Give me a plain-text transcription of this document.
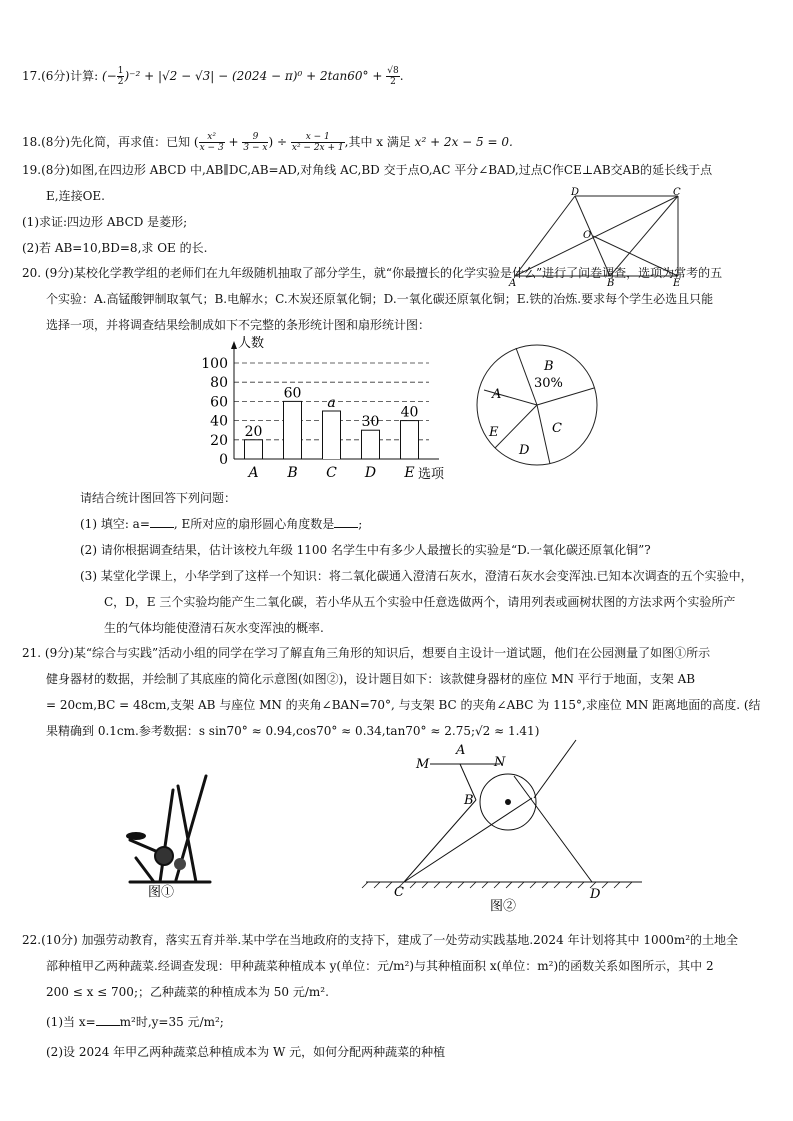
17.(6分)计算: (− $\frac{1}{2} )^{-2} + |√2 - √3| - (2024 - \pi)^0 + 2\tan 60^\circ + \frac{√8}{2}$ .
18.(8分)先化简，再求值：已知 ( $\frac{\text{x²}}{x - 3} + \frac{9}{3 - x}$ ) ÷ $\frac{x - 1}{\text{x² − 2x + 1}}$ ,其中 x 满足 x² + 2x − 5 = 0.
19.(8分)如图,在四边形 ABCD 中,AB∥DC,AB=AD,对角线 AC,BD 交于点O,AC 平分∠BAD,过点C作CE⊥AB交AB的延长线于点
E,连接OE.
(1)求证:四边形 ABCD 是菱形;
(2)若 AB=10,BD=8,求 OE 的长.
D	C
O
A	B	E
20. (9分)某校化学教学组的老师们在九年级随机抽取了部分学生，就“你最擅长的化学实验是什么”进行了问卷调查，选项为常考的五
个实验：A.高锰酸钾制取氧气；B.电解水；C.木炭还原氧化铜；D.一氧化碳还原氧化铜；E.铁的冶炼.要求每个学生必选且只能
选择一项，并将调查结果绘制成如下不完整的条形统计图和扇形统计图：
人数
选项
0
20
40
60
80
100
20
A
60
B
a
C
30
D
40
E
B
30%
A
C
E
D
请结合统计图回答下列问题：
(1) 填空: a= , E所对应的扇形圆心角度数是 ;
(2) 请你根据调查结果，估计该校九年级 1100 名学生中有多少人最擅长的实验是“D.一氧化碳还原氧化铜”?
(3) 某堂化学课上，小华学到了这样一个知识：将二氧化碳通入澄清石灰水，澄清石灰水会变浑浊.已知本次调查的五个实验中，
C，D，E 三个实验均能产生二氧化碳，若小华从五个实验中任意选做两个，请用列表或画树状图的方法求两个实验所产
生的气体均能使澄清石灰水变浑浊的概率.
21. (9分)某“综合与实践”活动小组的同学在学习了解直角三角形的知识后，想要自主设计一道试题，他们在公园测量了如图①所示
健身器材的数据，并绘制了其底座的简化示意图(如图②)，设计题目如下：该款健身器材的座位 MN 平行于地面，支架 AB
= 20cm,BC = 48cm,支架 AB 与座位 MN 的夹角∠BAN=70°, 与支架 BC 的夹角∠ABC 为 115°,求座位 MN 距离地面的高度. (结
果精确到 0.1cm.参考数据：s sin70° ≈ 0.94,cos70° ≈ 0.34,tan70° ≈ 2.75;√2 ≈ 1.41)
图①
M
A
N
B
C	D
图②
22.(10分) 加强劳动教育，落实五育并举.某中学在当地政府的支持下，建成了一处劳动实践基地.2024 年计划将其中 1000m²的土地全
部种植甲乙两种蔬菜.经调查发现：甲种蔬菜种植成本 y(单位：元/m²)与其种植面积 x(单位：m²)的函数关系如图所示，其中 2
200 ≤ x ≤ 700;；乙种蔬菜的种植成本为 50 元/m².
(1)当 x= m²时,y=35 元/m²;
(2)设 2024 年甲乙两种蔬菜总种植成本为 W 元，如何分配两种蔬菜的种植
